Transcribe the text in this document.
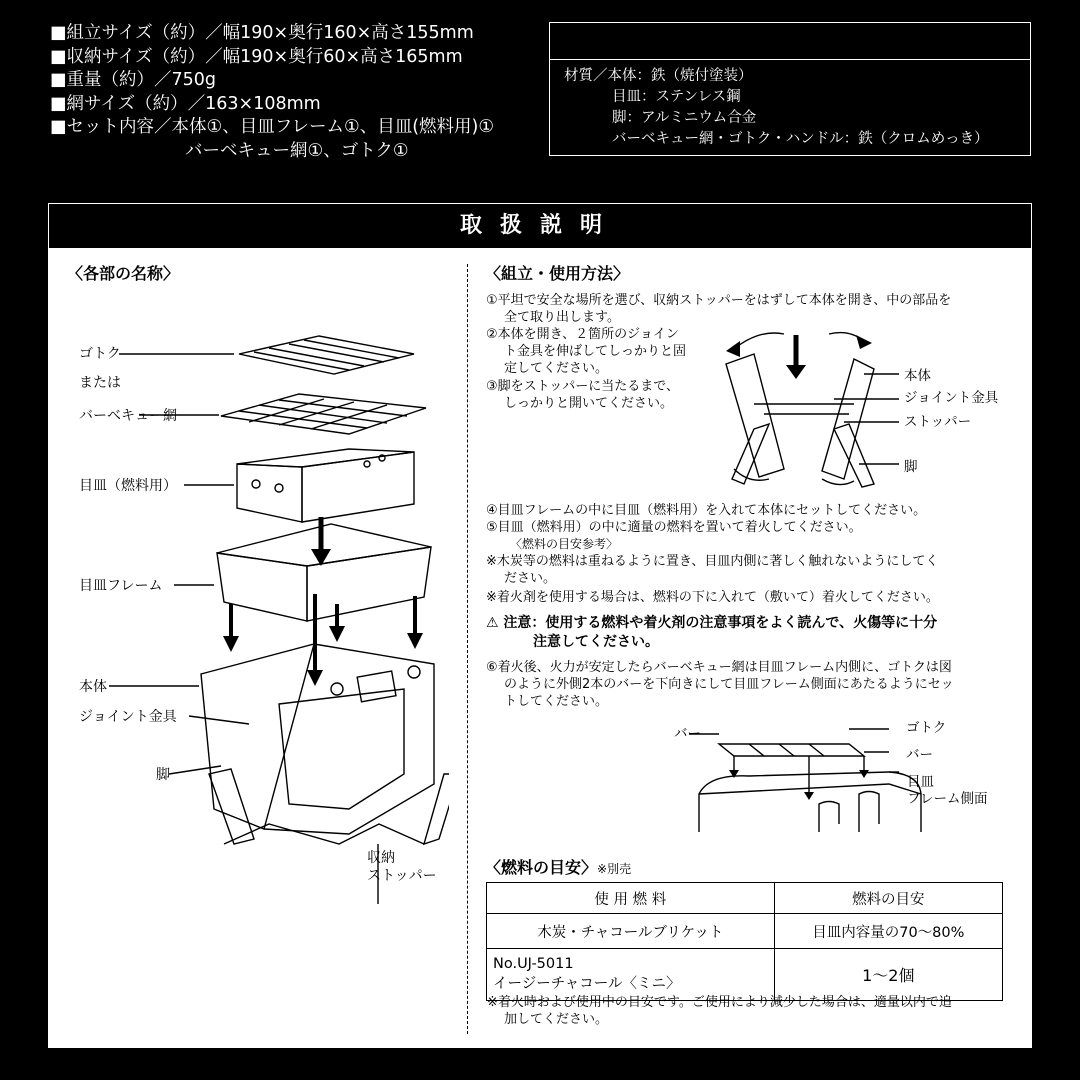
■組立サイズ（約）／幅190×奥行160×高さ155mm
■収納サイズ（約）／幅190×奥行60×高さ165mm
■重量（約）／750g
■網サイズ（約）／163×108mm
■セット内容／本体①、目皿フレーム①、目皿(燃料用)①
バーベキュー網①、ゴトク①
材質／本体：鉄（焼付塗装）
目皿：ステンレス鋼
脚：アルミニウム合金
バーベキュー網・ゴトク・ハンドル：鉄（クロムめっき）
取扱説明
〈各部の名称〉
ゴトク
または
バーベキュー網
目皿（燃料用）
目皿フレーム
本体
ジョイント金具
脚
収納
ストッパー
〈組立・使用方法〉
①平坦で安全な場所を選び、収納ストッパーをはずして本体を開き、中の部品を
全て取り出します。
②本体を開き、２箇所のジョイン
ト金具を伸ばしてしっかりと固
定してください。
③脚をストッパーに当たるまで、
しっかりと開いてください。
本体
ジョイント金具
ストッパー
脚
④目皿フレームの中に目皿（燃料用）を入れて本体にセットしてください。
⑤目皿（燃料用）の中に適量の燃料を置いて着火してください。
〈燃料の目安参考〉
※木炭等の燃料は重ねるように置き、目皿内側に著しく触れないようにしてく
ださい。
※着火剤を使用する場合は、燃料の下に入れて（敷いて）着火してください。
⚠ 注意：使用する燃料や着火剤の注意事項をよく読んで、火傷等に十分
注意してください。
⑥着火後、火力が安定したらバーベキュー網は目皿フレーム内側に、ゴトクは図
のように外側2本のバーを下向きにして目皿フレーム側面にあたるようにセッ
トしてください。
バー	ゴトク
バー
目皿
フレーム側面
〈燃料の目安〉※別売
使 用 燃 料	燃料の目安
木炭・チャコールブリケット	目皿内容量の70〜80%

No.UJ-5011
イージーチャコール〈ミニ〉	1〜2個
※着火時および使用中の目安です。ご使用により減少した場合は、適量以内で追
加してください。
